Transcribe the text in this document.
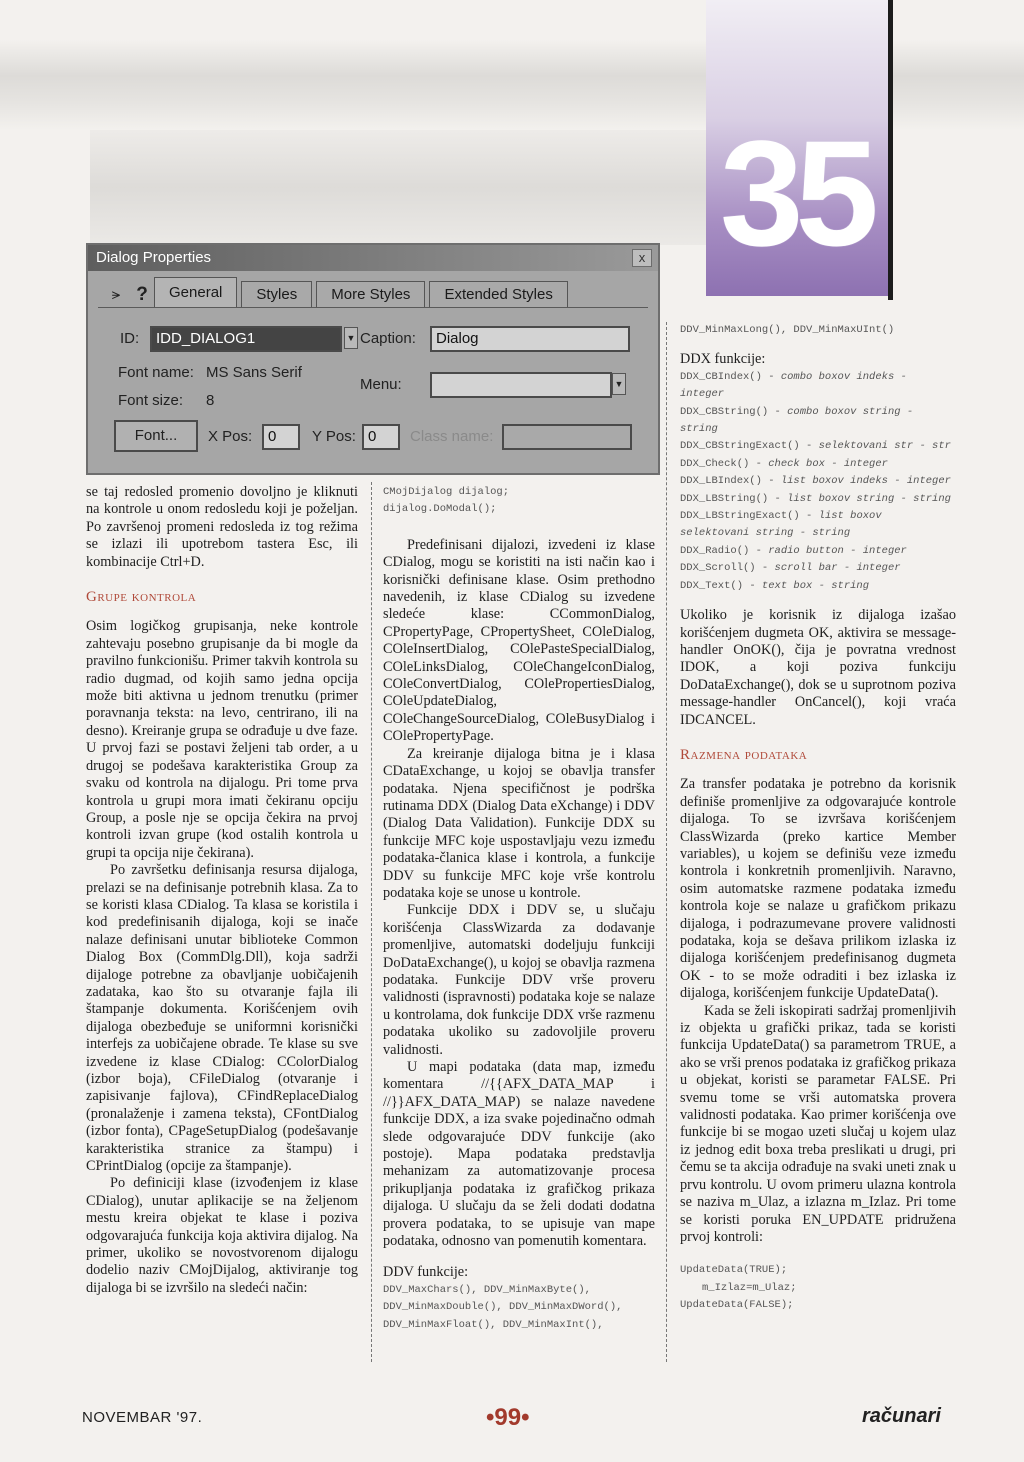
35
Dialog Properties	x
⪫ ?	General	Styles	More Styles	Extended Styles
ID:	IDD_DIALOG1	▼ Caption:	Dialog
Font name: MS Sans Serif
Font size: 8
Menu:	▼
Font...	X Pos:	0	Y Pos: 0	Class name:

se taj redosled promenio dovoljno je kliknuti na kontrole u onom redosledu koji je poželjan. Po završenoj promeni redosleda iz tog režima se izlazi ili upotrebom tastera Esc, ili kombinacije Ctrl+D.

Grupe kontrola

Osim logičkog grupisanja, neke kontrole zahtevaju posebno grupisanje da bi mogle da pravilno funkcionišu. Primer takvih kontrola su radio dugmad, od kojih samo jedna opcija može biti aktivna u jednom trenutku (primer poravnanja teksta: na levo, centrirano, ili na desno). Kreiranje grupa se odrađuje u dve faze. U prvoj fazi se postavi željeni tab order, a u drugoj se podešava karakteristika Group za svaku od kontrola na dijalogu. Pri tome prva kontrola u grupi mora imati čekiranu opciju Group, a posle nje se opcija čekira na prvoj kontroli izvan grupe (kod ostalih kontrola u grupi ta opcija nije čekirana).

Po završetku definisanja resursa dijaloga, prelazi se na definisanje potrebnih klasa. Za to se koristi klasa CDialog. Ta klasa se koristila i kod predefinisanih dijaloga, koji se inače nalaze definisani unutar biblioteke Common Dialog Box (CommDlg.Dll), koja sadrži dijaloge potrebne za obavljanje uobičajenih zadataka, kao što su otvaranje fajla ili štampanje dokumenta. Korišćenjem ovih dijaloga obezbeđuje se uniformni korisnički interfejs za uobičajene obrade. Te klase su sve izvedene iz klase CDialog: CColorDialog (izbor boja), CFileDialog (otvaranje i zapisivanje fajlova), CFindReplaceDialog (pronalaženje i zamena teksta), CFontDialog (izbor fonta), CPageSetupDialog (podešavanje karakteristika stranice za štampu) i CPrintDialog (opcije za štampanje).

Po definiciji klase (izvođenjem iz klase CDialog), unutar aplikacije se na željenom mestu kreira objekat te klase i poziva odgovarajuća funkcija koja aktivira dijalog. Na primer, ukoliko se novostvorenom dijalogu dodelio naziv CMojDijalog, aktiviranje tog dijaloga bi se izvršilo na sledeći način:

CMojDijalog dijalog;
dijalog.DoModal();

Predefinisani dijalozi, izvedeni iz klase CDialog, mogu se koristiti na isti način kao i korisnički definisane klase. Osim prethodno navedenih, iz klase CDialog su izvedene sledeće klase: CCommonDialog, CPropertyPage, CPropertySheet, COleDialog, COleInsertDialog, COlePasteSpecialDialog, COleLinksDialog, COleChangeIconDialog, COleConvertDialog, COlePropertiesDialog, COleUpdateDialog, COleChangeSourceDialog, COleBusyDialog i COlePropertyPage.

Za kreiranje dijaloga bitna je i klasa CDataExchange, u kojoj se obavlja transfer podataka. Njena specifičnost je podrška rutinama DDX (Dialog Data eXchange) i DDV (Dialog Data Validation). Funkcije DDX su funkcije MFC koje uspostavljaju vezu između podataka-članica klase i kontrola, a funkcije DDV su funkcije MFC koje vrše kontrolu podataka koje se unose u kontrole.

Funkcije DDX i DDV se, u slučaju korišćenja ClassWizarda za dodavanje promenljive, automatski dodeljuju funkciji DoDataExchange(), u kojoj se obavlja razmena podataka. Funkcije DDV vrše proveru validnosti (ispravnosti) podataka koje se nalaze u kontrolama, dok funkcije DDX vrše razmenu podataka ukoliko su zadovoljile proveru validnosti.

U mapi podataka (data map, između komentara //{{AFX_DATA_MAP i //}}AFX_DATA_MAP) se nalaze navedene funkcije DDX, a iza svake pojedinačno odmah slede odgovarajuće DDV funkcije (ako postoje). Mapa podataka predstavlja mehanizam za automatizovanje procesa prikupljanja podataka iz grafičkog prikaza dijaloga. U slučaju da se želi dodati dodatna provera podataka, to se upisuje van mape podataka, odnosno van pomenutih komentara.

DDV funkcije:
DDV_MaxChars(), DDV_MinMaxByte(),
DDV_MinMaxDouble(), DDV_MinMaxDWord(),
DDV_MinMaxFloat(), DDV_MinMaxInt(),
DDV_MinMaxLong(), DDV_MinMaxUInt()
DDX funkcije:
DDX_CBIndex() - combo boxov indeks - integer
DDX_CBString() - combo boxov string - string
DDX_CBStringExact() - selektovani str - str
DDX_Check() - check box - integer
DDX_LBIndex() - list boxov indeks - integer
DDX_LBString() - list boxov string - string
DDX_LBStringExact() - list boxov selektovani string - string
DDX_Radio() - radio button - integer
DDX_Scroll() - scroll bar - integer
DDX_Text() - text box - string

Ukoliko je korisnik iz dijaloga izašao korišćenjem dugmeta OK, aktivira se message-handler OnOK(), čija je povratna vrednost IDOK, a koji poziva funkciju DoDataExchange(), dok se u suprotnom poziva message-handler OnCancel(), koji vraća IDCANCEL.

Razmena podataka

Za transfer podataka je potrebno da korisnik definiše promenljive za odgovarajuće kontrole dijaloga. To se izvršava korišćenjem ClassWizarda (preko kartice Member variables), u kojem se definišu veze između kontrola i konkretnih promenljivih. Naravno, osim automatske razmene podataka između kontrola koje se nalaze u grafičkom prikazu dijaloga, i podrazumevane provere validnosti podataka, koja se dešava prilikom izlaska iz dijaloga korišćenjem predefinisanog dugmeta OK - to se može odraditi i bez izlaska iz dijaloga, korišćenjem funkcije UpdateData().

Kada se želi iskopirati sadržaj promenljivih iz objekta u grafički prikaz, tada se koristi funkcija UpdateData() sa parametrom TRUE, a ako se vrši prenos podataka iz grafičkog prikaza u objekat, koristi se parametar FALSE. Pri svemu tome se vrši automatska provera validnosti podataka. Kao primer korišćenja ove funkcije bi se mogao uzeti slučaj u kojem ulaz iz jednog edit boxa treba preslikati u drugi, pri čemu se ta akcija odrađuje na svaki uneti znak u prvu kontrolu. U ovom primeru ulazna kontrola se naziva m_Ulaz, a izlazna m_Izlaz. Pri tome se koristi poruka EN_UPDATE pridružena prvoj kontroli:

UpdateData(TRUE);
m_Izlaz=m_Ulaz;
UpdateData(FALSE);
NOVEMBAR '97.	•99•	računari
